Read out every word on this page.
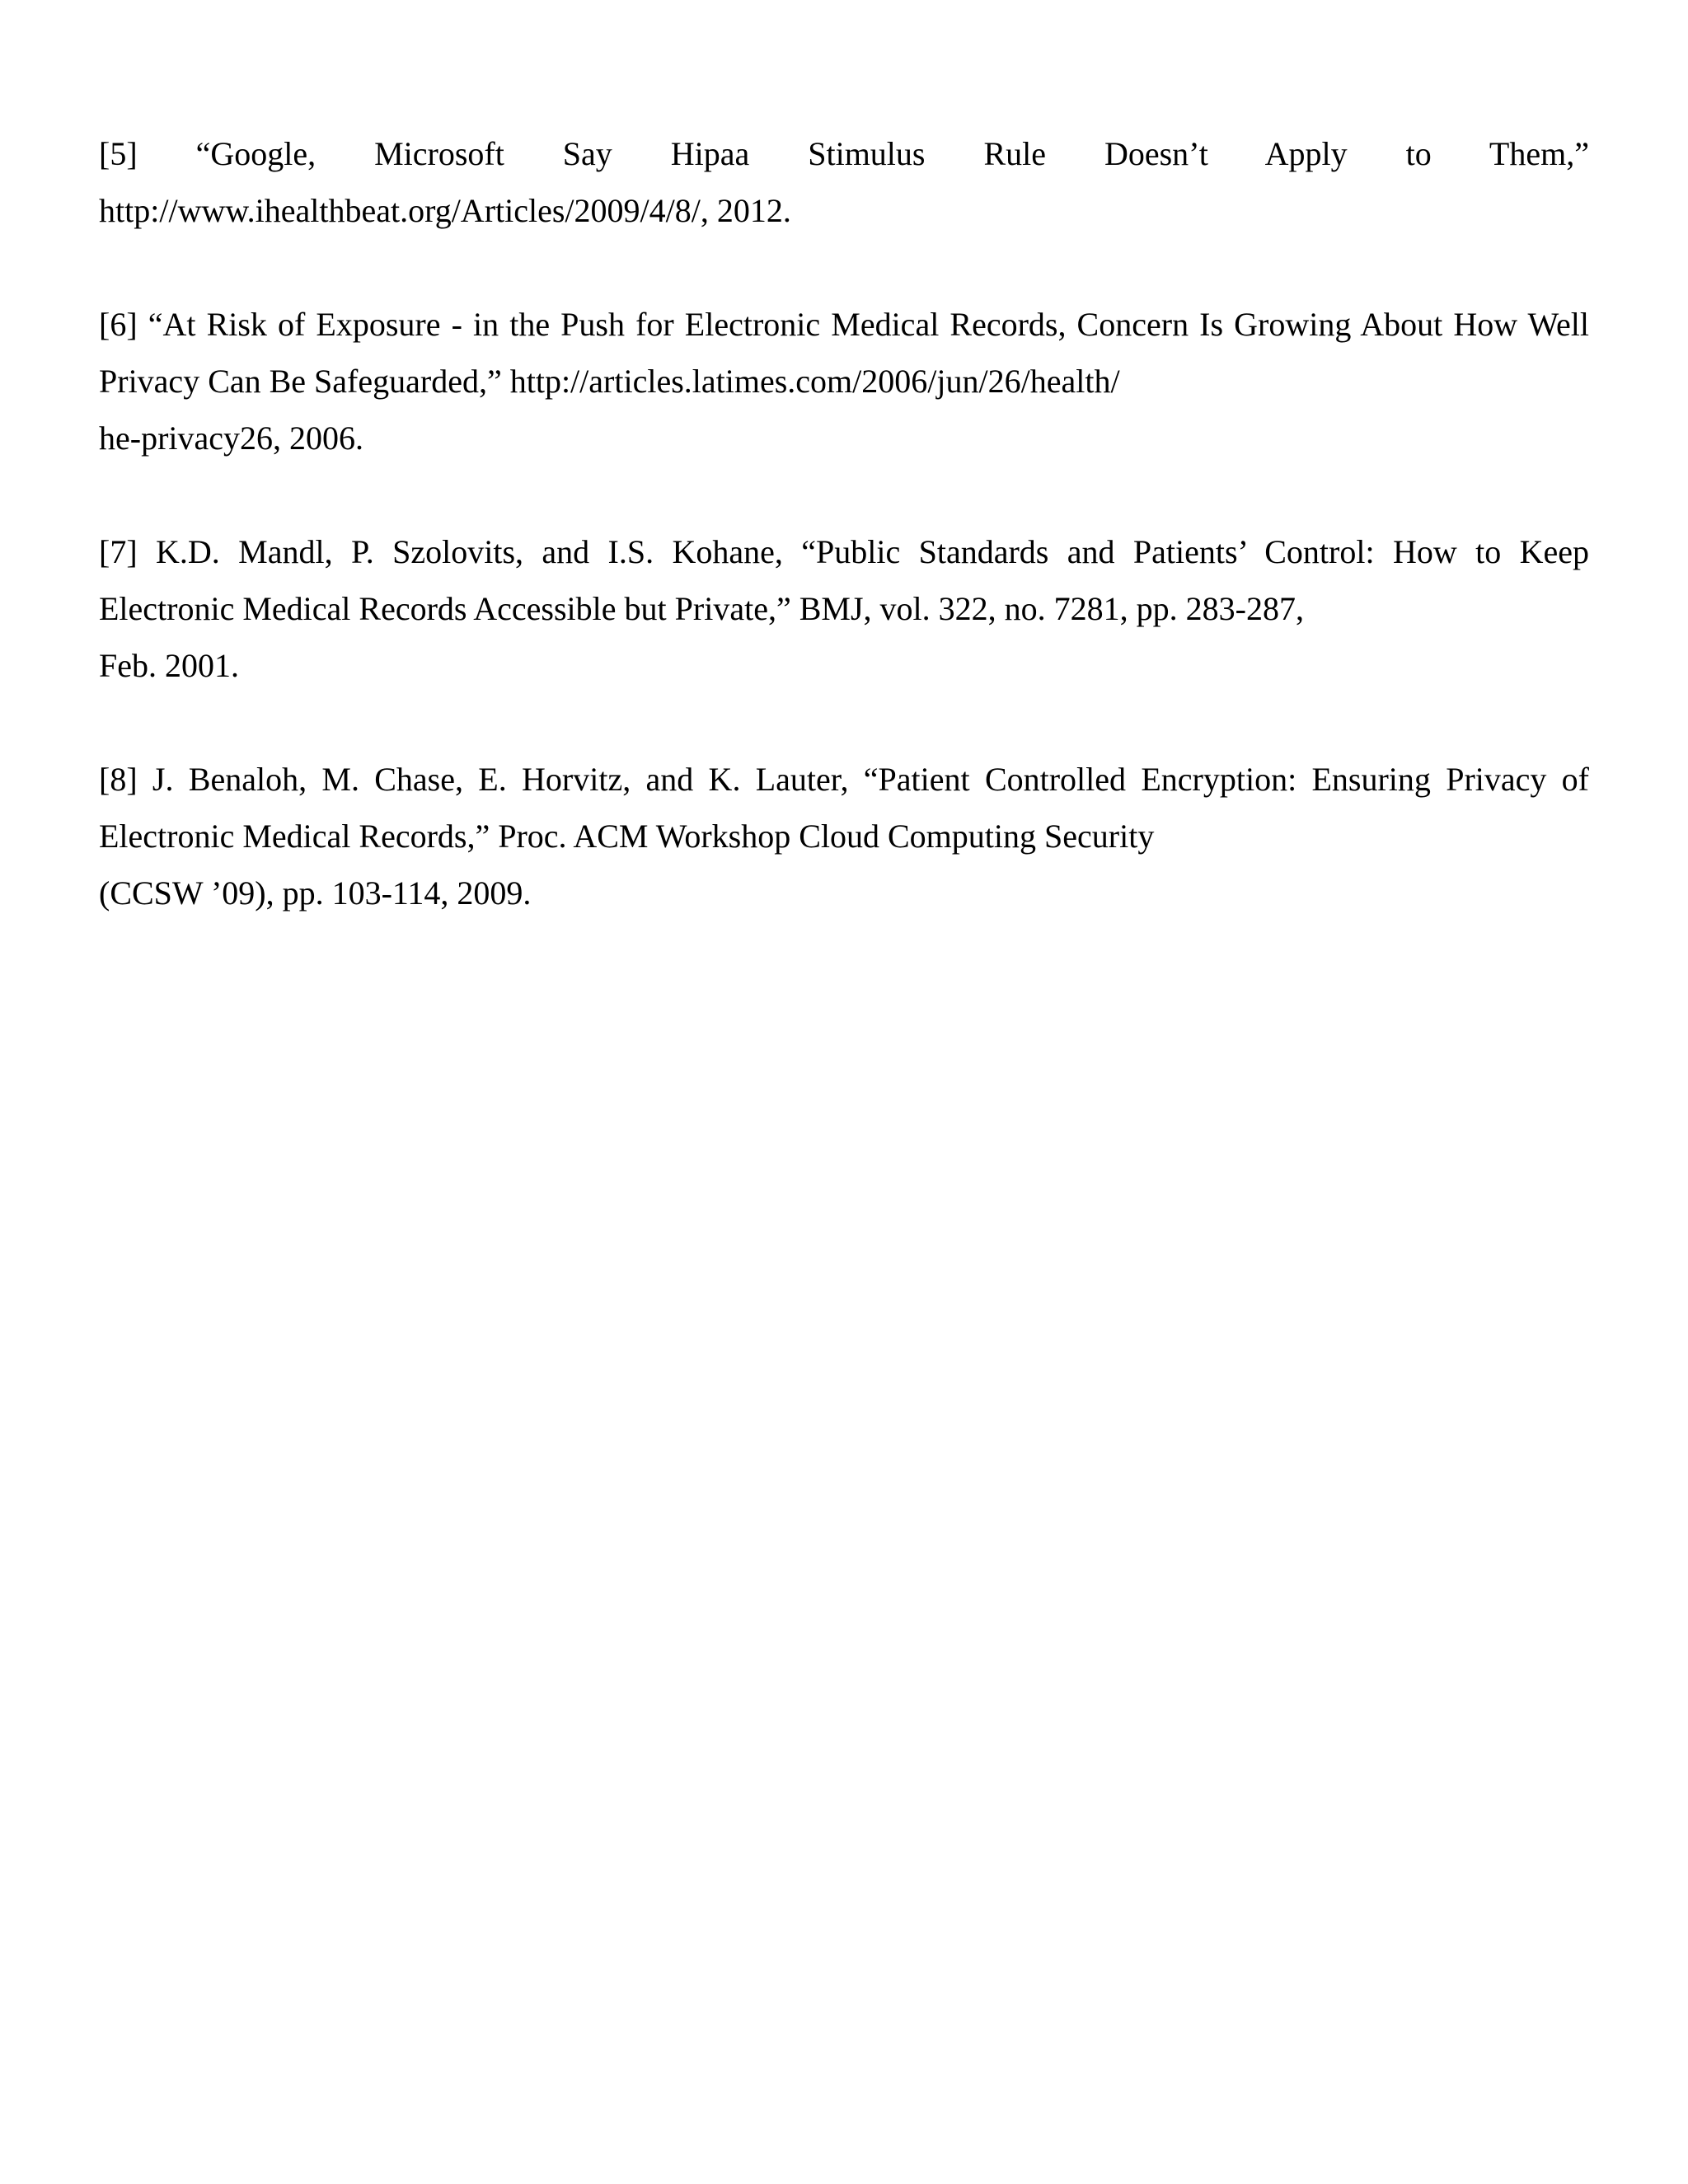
[5] “Google, Microsoft Say Hipaa Stimulus Rule Doesn’t Apply to Them,”
http://www.ihealthbeat.org/Articles/2009/4/8/, 2012.
[6] “At Risk of Exposure - in the Push for Electronic Medical Records, Concern Is Growing About How Well
Privacy Can Be Safeguarded,” http://articles.latimes.com/2006/jun/26/health/
he-privacy26, 2006.
[7] K.D. Mandl, P. Szolovits, and I.S. Kohane, “Public Standards and Patients’ Control: How to Keep
Electronic Medical Records Accessible but Private,” BMJ, vol. 322, no. 7281, pp. 283-287,
Feb. 2001.
[8] J. Benaloh, M. Chase, E. Horvitz, and K. Lauter, “Patient Controlled Encryption: Ensuring Privacy of
Electronic Medical Records,” Proc. ACM Workshop Cloud Computing Security
(CCSW ’09), pp. 103-114, 2009.
